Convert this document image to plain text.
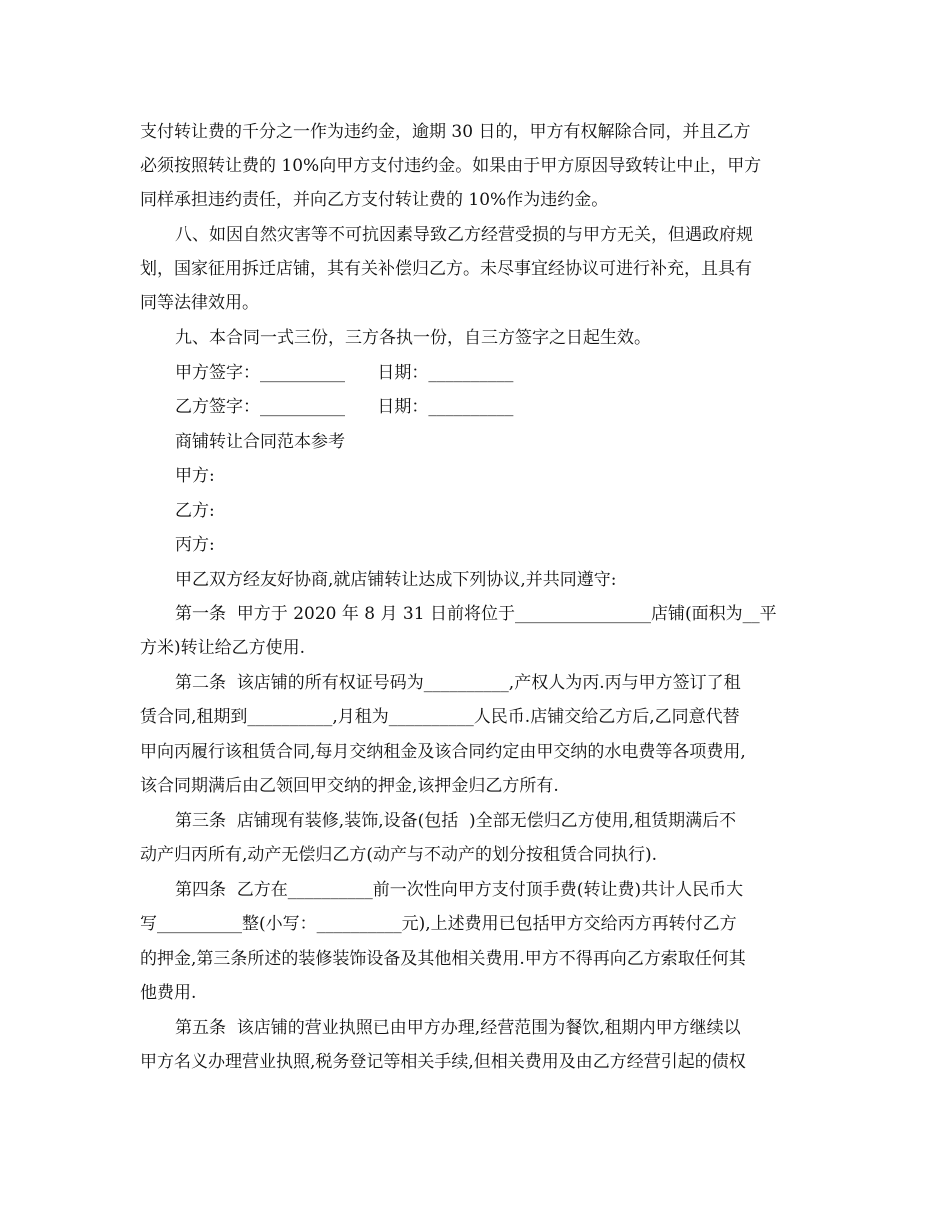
支付转让费的千分之一作为违约金，逾期 30 日的，甲方有权解除合同，并且乙方
必须按照转让费的 10%向甲方支付违约金。如果由于甲方原因导致转让中止，甲方
同样承担违约责任，并向乙方支付转让费的 10%作为违约金。
八、如因自然灾害等不可抗因素导致乙方经营受损的与甲方无关，但遇政府规
划，国家征用拆迁店铺，其有关补偿归乙方。未尽事宜经协议可进行补充，且具有
同等法律效用。
九、本合同一式三份，三方各执一份，自三方签字之日起生效。
甲方签字：__________      日期：__________
乙方签字：__________      日期：__________
商铺转让合同范本参考
甲方:
乙方:
丙方:
甲乙双方经友好协商,就店铺转让达成下列协议,并共同遵守:
第一条  甲方于 2020 年 8 月 31 日前将位于________________店铺(面积为__平
方米)转让给乙方使用.
第二条  该店铺的所有权证号码为__________,产权人为丙.丙与甲方签订了租
赁合同,租期到__________,月租为__________人民币.店铺交给乙方后,乙同意代替
甲向丙履行该租赁合同,每月交纳租金及该合同约定由甲交纳的水电费等各项费用,
该合同期满后由乙领回甲交纳的押金,该押金归乙方所有.
第三条  店铺现有装修,装饰,设备(包括  )全部无偿归乙方使用,租赁期满后不
动产归丙所有,动产无偿归乙方(动产与不动产的划分按租赁合同执行).
第四条  乙方在__________前一次性向甲方支付顶手费(转让费)共计人民币大
写__________整(小写：__________元),上述费用已包括甲方交给丙方再转付乙方
的押金,第三条所述的装修装饰设备及其他相关费用.甲方不得再向乙方索取任何其
他费用.
第五条  该店铺的营业执照已由甲方办理,经营范围为餐饮,租期内甲方继续以
甲方名义办理营业执照,税务登记等相关手续,但相关费用及由乙方经营引起的债权
